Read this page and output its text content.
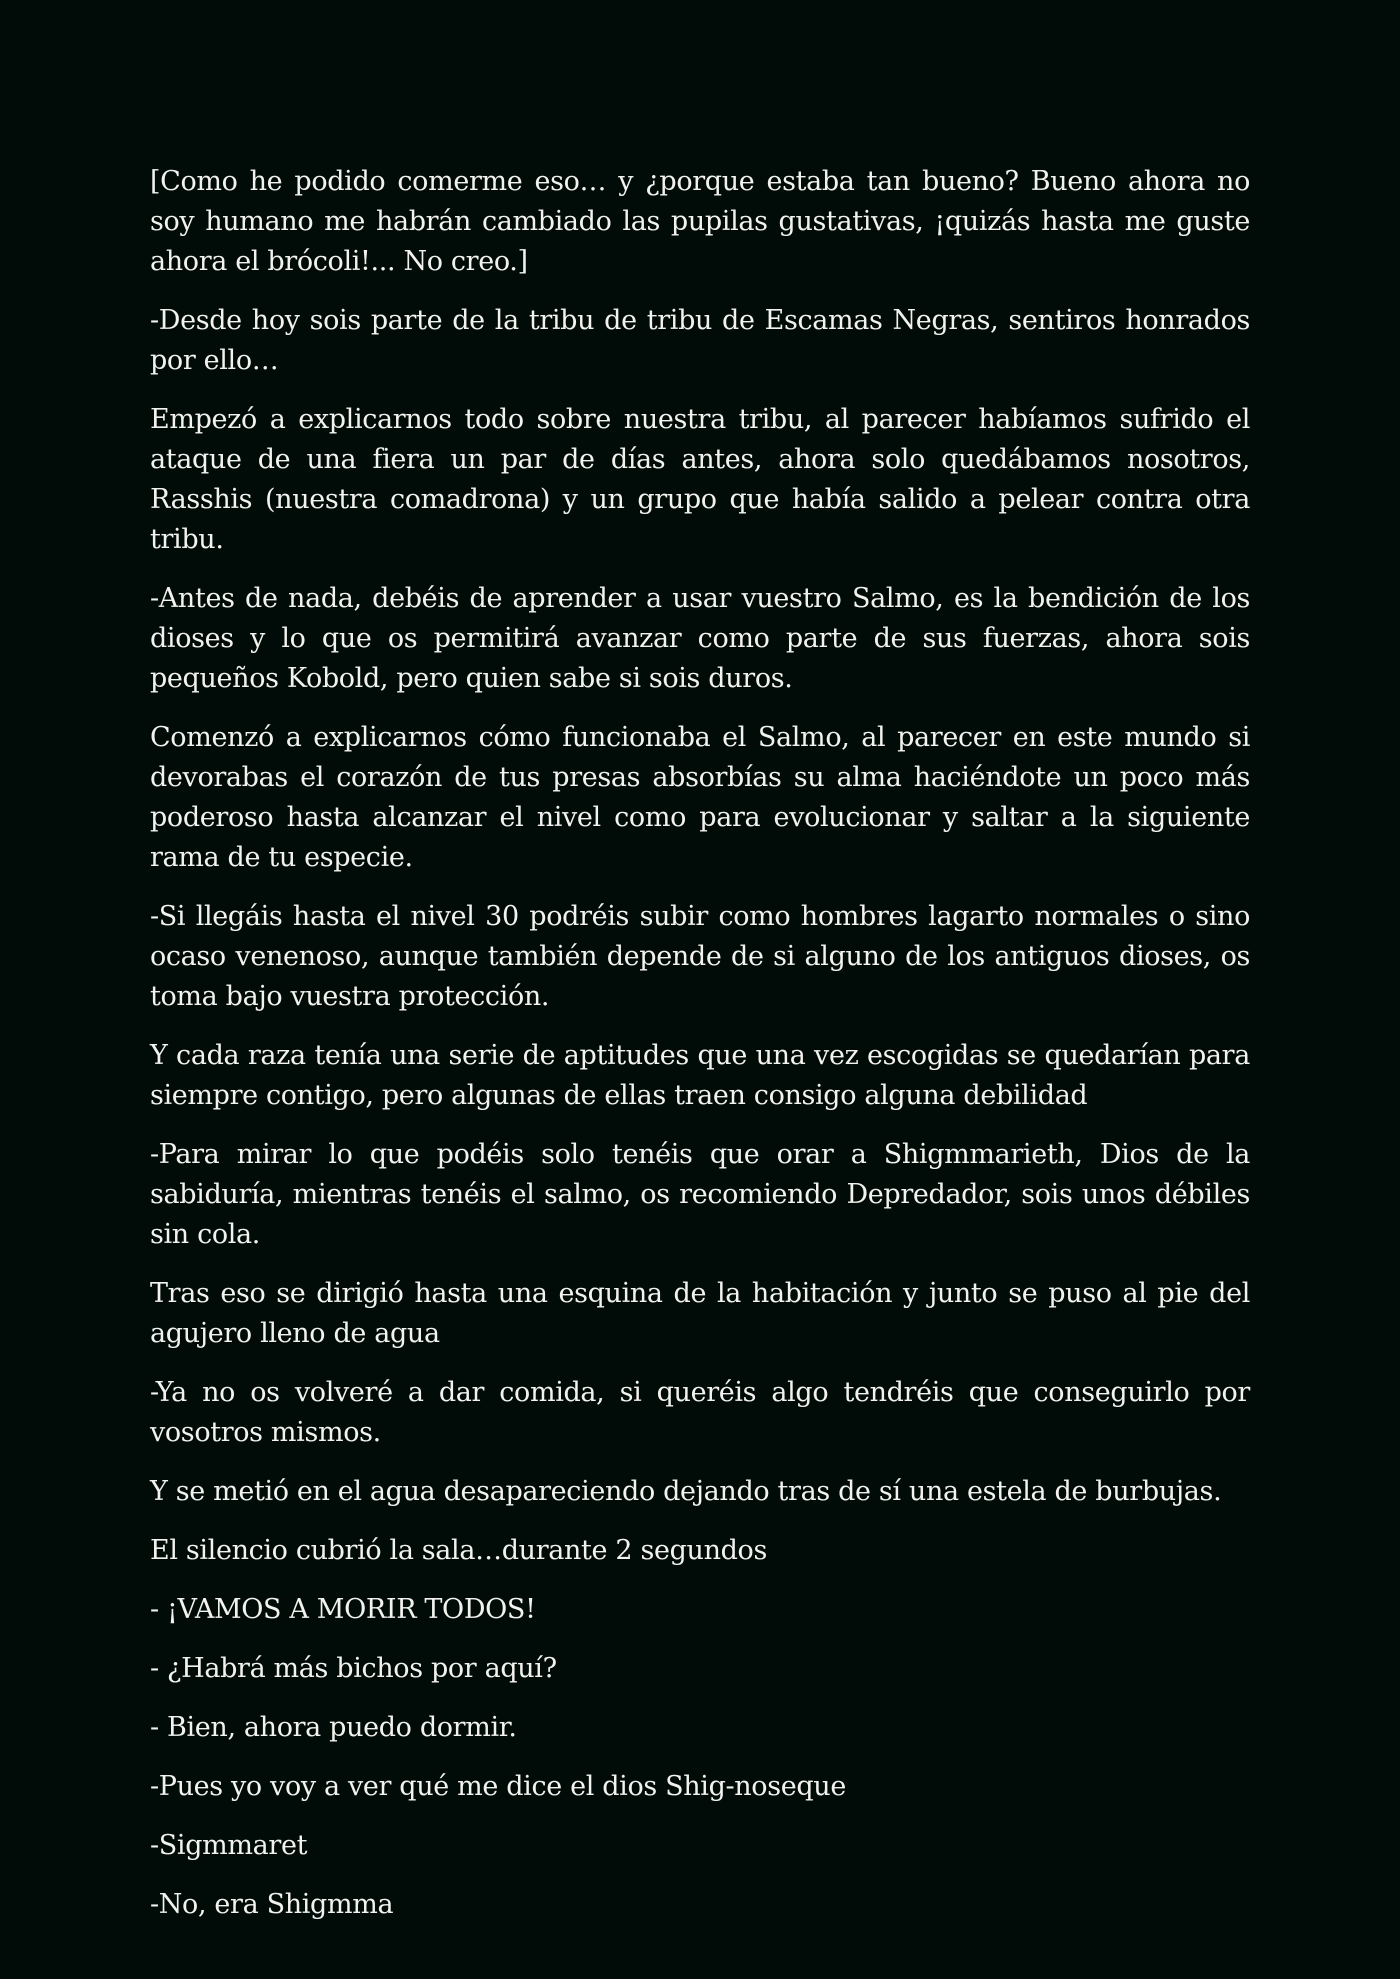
[Como he podido comerme eso… y ¿porque estaba tan bueno? Bueno ahora no soy humano me habrán cambiado las pupilas gustativas, ¡quizás hasta me guste ahora el brócoli!... No creo.]

-Desde hoy sois parte de la tribu de tribu de Escamas Negras, sentiros honrados por ello…

Empezó a explicarnos todo sobre nuestra tribu, al parecer habíamos sufrido el ataque de una fiera un par de días antes, ahora solo quedábamos nosotros, Rasshis (nuestra comadrona) y un grupo que había salido a pelear contra otra tribu.

-Antes de nada, debéis de aprender a usar vuestro Salmo, es la bendición de los dioses y lo que os permitirá avanzar como parte de sus fuerzas, ahora sois pequeños Kobold, pero quien sabe si sois duros.

Comenzó a explicarnos cómo funcionaba el Salmo, al parecer en este mundo si devorabas el corazón de tus presas absorbías su alma haciéndote un poco más poderoso hasta alcanzar el nivel como para evolucionar y saltar a la siguiente rama de tu especie.

-Si llegáis hasta el nivel 30 podréis subir como hombres lagarto normales o sino ocaso venenoso, aunque también depende de si alguno de los antiguos dioses, os toma bajo vuestra protección.

Y cada raza tenía una serie de aptitudes que una vez escogidas se quedarían para siempre contigo, pero algunas de ellas traen consigo alguna debilidad

-Para mirar lo que podéis solo tenéis que orar a Shigmmarieth, Dios de la sabiduría, mientras tenéis el salmo, os recomiendo Depredador, sois unos débiles sin cola.

Tras eso se dirigió hasta una esquina de la habitación y junto se puso al pie del agujero lleno de agua

-Ya no os volveré a dar comida, si queréis algo tendréis que conseguirlo por vosotros mismos.

Y se metió en el agua desapareciendo dejando tras de sí una estela de burbujas.

El silencio cubrió la sala…durante 2 segundos

- ¡VAMOS A MORIR TODOS!

- ¿Habrá más bichos por aquí?

- Bien, ahora puedo dormir.

-Pues yo voy a ver qué me dice el dios Shig-noseque

-Sigmmaret

-No, era Shigmma
